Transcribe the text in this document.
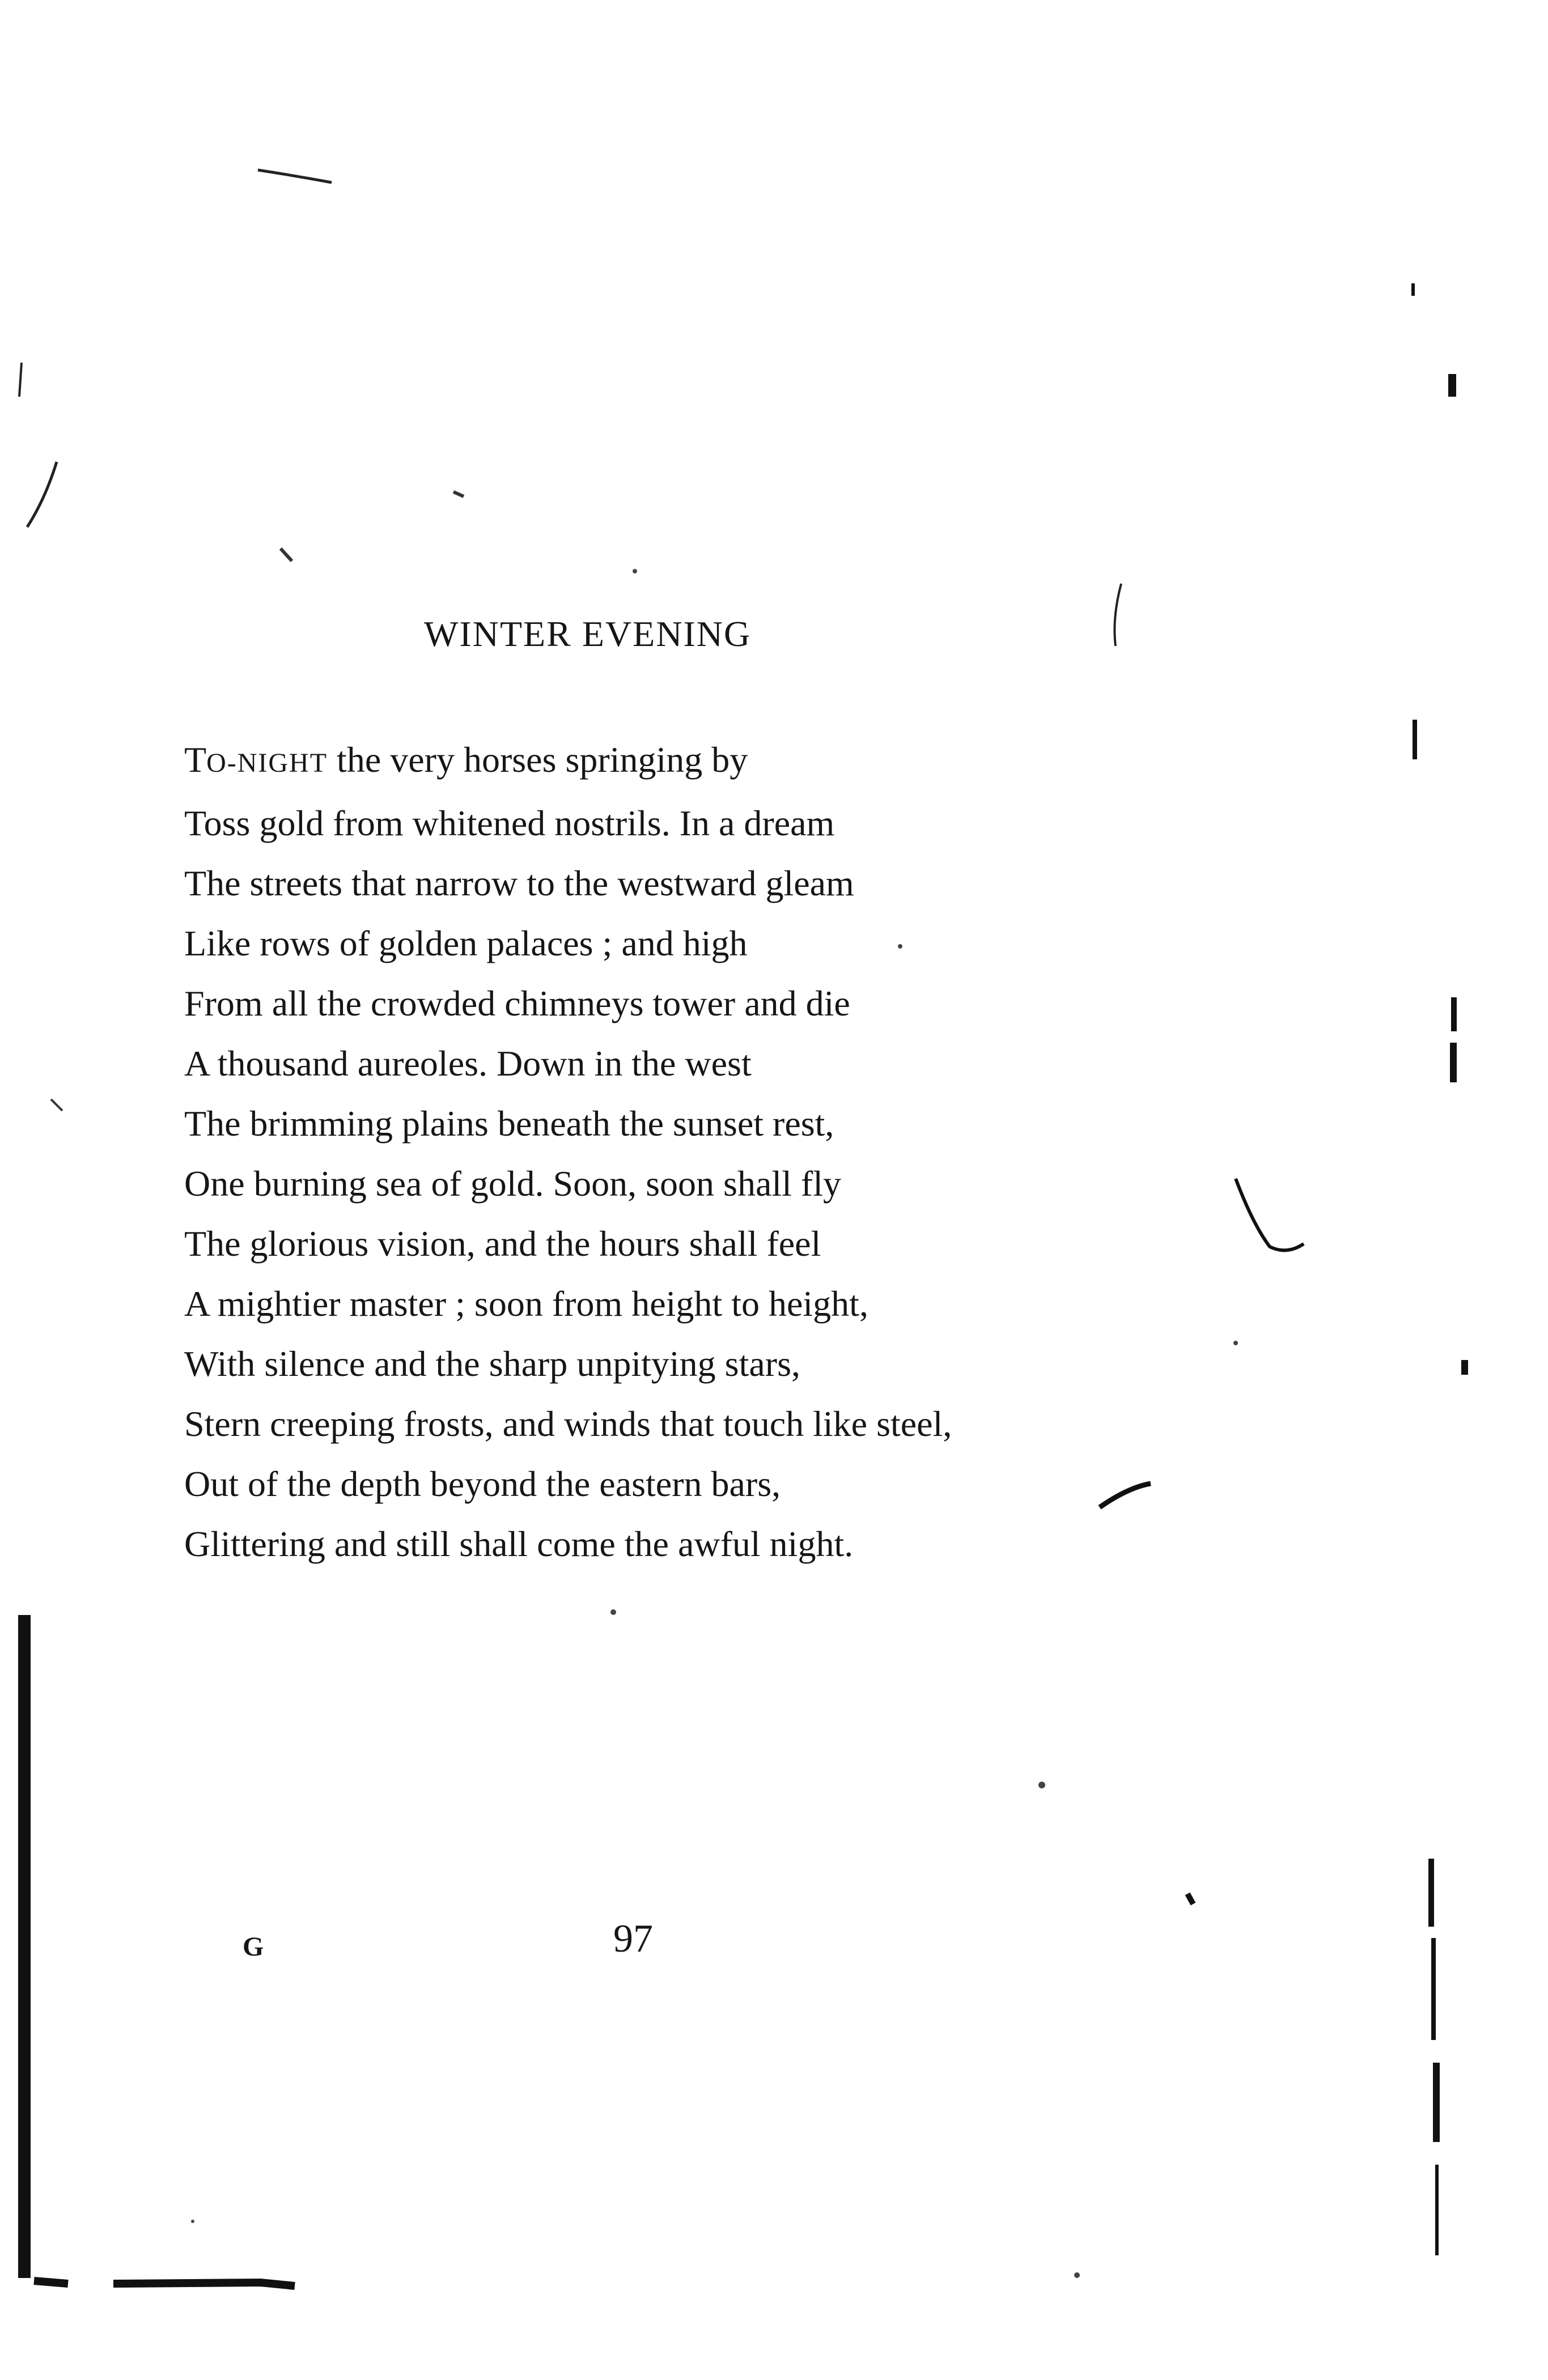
WINTER EVENING
TO-NIGHT the very horses springing by
Toss gold from whitened nostrils. In a dream
The streets that narrow to the westward gleam
Like rows of golden palaces ; and high
From all the crowded chimneys tower and die
A thousand aureoles. Down in the west
The brimming plains beneath the sunset rest,
One burning sea of gold. Soon, soon shall fly
The glorious vision, and the hours shall feel
A mightier master ; soon from height to height,
With silence and the sharp unpitying stars,
Stern creeping frosts, and winds that touch like steel,
Out of the depth beyond the eastern bars,
Glittering and still shall come the awful night.
G	97
